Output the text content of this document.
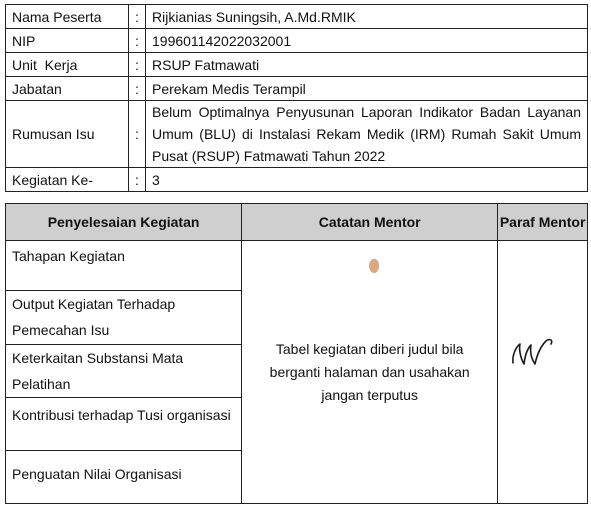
Nama Peserta	:	Rijkianias Suningsih, A.Md.RMIK
NIP	:	199601142022032001
Unit  Kerja	:	RSUP Fatmawati
Jabatan	:	Perekam Medis Terampil
Rumusan Isu	:	Belum Optimalnya Penyusunan Laporan Indikator Badan Layanan Umum (BLU) di Instalasi Rekam Medik (IRM) Rumah Sakit Umum Pusat (RSUP) Fatmawati Tahun 2022
Kegiatan Ke-	:	3
Penyelesaian Kegiatan	Catatan Mentor	Paraf Mentor

Tahapan Kegiatan
Output Kegiatan Terhadap Pemecahan Isu
Keterkaitan Substansi Mata Pelatihan
Kontribusi terhadap Tusi organisasi
Penguatan Nilai Organisasi	Tabel kegiatan diberi judul bila berganti halaman dan usahakan jangan terputus
